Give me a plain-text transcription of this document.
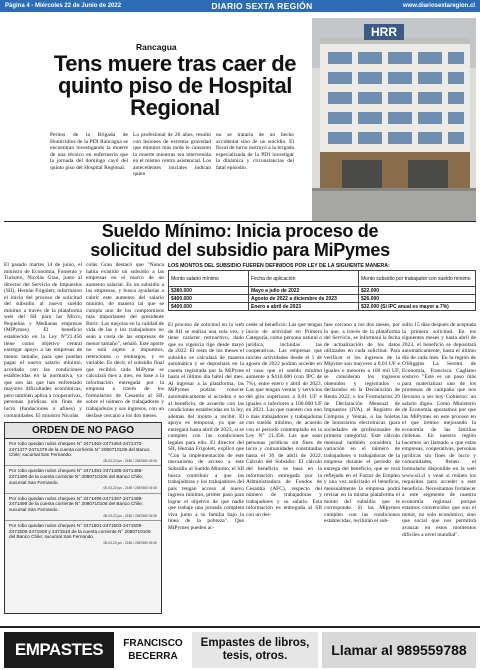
Página 4 - Miércoles 22 de Junio de 2022	DIARIO SEXTA REGIÓN	www.diariosextaregion.cl
Rancagua
Tens muere tras caer de quinto piso de Hospital Regional
Peritos de la Brigada de Homicidios de la PDI Rancagua se encuentran investigando la muerte de una técnico en enfermería que la jornada del domingo cayó del quinto piso del Hospital Regional.
La profesional de 26 años, resultó con lesiones de extrema gravedad que minutos más tarde le causaron la muerte mientras era intervenida en el mismo centro asistencial. Los antecedentes iniciales indican quien
no se trataría de un hecho accidental sino de un suicidio. El fiscal de turno instruyó a la brigada especializada de la PDI investigar la dinámica y circunstancias del fatal episodio.
HRR
Sueldo Mínimo: Inicia proceso de solicitud del subsidio para MiPymes
El pasado martes 14 de junio, el ministro de Economía, Fomento y Turismo, Nicolás Grau, junto al director del Servicio de Impuestos (SII), Hernán Frigolett, informaron el inicio del proceso de solicitud del subsidio al nuevo sueldo mínimo a través de la plataforma web del SII para las Micro, Pequeñas y Medianas empresas (MiPymes). El beneficio establecido en la Ley N°21.456 tiene como objetivo central entregar apoyo a las empresas de menor tamaño, para que puedan pagar el nuevo salario mínimo, acordado con las condiciones establecidas en la normativa, ya que son las que han enfrentado mayores dificultades económicas, pero también aplica a cooperativas, personas jurídicas sin fines de lucro (fundaciones o afines) y comunidades. El ministro Nicolás
colás Grau destacó que "Nunca había existido un subsidio a las empresas en el marco de un aumento salarial. Es un subsidio a las empresas, y busca ayudarlas a cubrir este aumento del salario mínimo, de manera tal que se cumpla uno de los compromisos más importantes del presidente Boric: Las mejoras en la calidad de vida de las y los trabajadores no sean a costa de las empresas de menor tamaño", señaló. Este aporte no está sujeto a impuestos, retenciones o embargos, y es variable. Es decir, el subsidio final que recibirá cada MiPyme se calculará mes a mes, en base a la información entregada por la empresa a través de los formularios de Cesantía al SII, sobre el número de trabajadores y trabajadoras y sus ingresos, con un desfase cercano a los dos meses.
El proceso de solicitud en la web de SII se realiza una sola vez, y tiene carácter retroactivo, dado que su vigencia rige desde mayo de 2022. El resto de los meses el subsidio se calculará de manera automática y se depositará en la cuenta registrada por la MiPyme hasta el último día hábil del mes. Al ingresar a la plataforma, las MiPymes podrán conocer automáticamente si acceden o no al beneficio, de acuerdo con las condiciones establecidas en la ley, además del monto a recibir. El apoyo es temporal, ya que se entregará hasta abril de 2023, si se cumplen con las condiciones legales para ello. El director del SII, Hernán Frigolett, explicó que "Con la implementación de este mecanismo de acceso a este Subsidio al Sueldo Mínimo, el SII busca contribuir a que las trabajadoras y los trabajadores del país tengan acceso al nuevo ingreso mínimo, primer paso para lograr el objetivo de que nadie que trabaje una jornada completa viva junto a su familia bajo la línea de la pobreza". Qué MiPymes pueden ac-
ceder al beneficio: Las que tengan inicio de actividad en Primera Categoría, como persona natural o jurídica, incluidas las cooperativas. Las empresas que inicien actividades desde el 1 de agosto de 2022 podrán acceder en el caso que el sueldo mínimo aumente a $410.000 (con IPC de 7%), entre enero y abril de 2023. Las que tengan ventas y servicios del giro superiores a 0,01 UF e iguales o inferiores a 100.000 UF en 2021. Las que cuenten con uno o más trabajadores y trabajadoras con sueldo mínimo, de acuerdo con el periodo contemplado en la Ley N° 21.456. Las que sean personas jurídicas sin fines de lucro y comunidades constituidas hasta el 30 de abril de 2022. Cálculo del Subsidio: El cálculo del beneficio se basa en la información entregada por la Administradora de Fondos de Cesantía (AFC), respecto del número de trabajadoras y trabajadores y su salario. Esta información es entregada al SII con un des-
fase cercano a los dos meses, por lo que, a través de la plataforma del Servicio, se informará la fecha de actualización de los datos utilizados en cada solicitud. Para verificar si los ingresos de la Mipyme son mayores a 0,01 UF e iguales o menores a 100 mil UF, se consideran los ingresos obtenidos y registrados o declarados en la Declaración de Renta 2022, o los Formularios 29 de Declaración Mensual de Impuestos (IVA), el Registro de Compras y Ventas, o las boletas de honorarios electrónicas (para sociedades de profesionales de primera categoría). Este cálculo mensual también considera la variación en el número de trabajadores o trabajadoras de la empresa durante el periodo de entrega del beneficio, que se verá reflejado en el Factor de Empleo y una vez solicitado el beneficio, mensualmente la empresa podrá revisar en la misma plataforma el monto del subsidio que le corresponde. Si las Mipymes cumplen con las condiciones establecidas, recibirán el sub-
sidio 15 días después de aceptada la primera solicitud. En los siguientes meses y hasta abril de 2023, el beneficio se depositará automáticamente, hasta el último día de cada mes. En la región de O'Higgins La Seremi de Economía, Francisca Cagliano sostuvo "Este es un paso más para materializar uno de los promesas de campaña que nos llevaron a ser hoy Gobierno: un salario digno. Como Ministerio de Economía apostamos por que las MiPymes en este proceso en el que iremos mejorando la economía de las familias chilenas. En nuestra región hacemos un llamado a que estas empresas, cooperativas, personas jurídicas sin fines de lucro y comunidades, llenen el formulario disponible en la web www.sii.cl y vean si reúnen los requisitos para acceder a este beneficio. Necesitamos fortalecer a este segmento de nuestra economía regional porque estamos convencidos que son el motor, no solo económico, sino que social que nos permitirá avanzar en estos momentos difíciles a nivel mundial".
LOS MONTOS DEL SUBSIDIO FUEREN DEFINIDOS POR LEY DE LA SIGUIENTE MANERA:
Monto salario mínimo	Fecha de aplicación	Monto subsidio por trabajador con sueldo mínimo
$380.000	Mayo a julio de 2022	$22.000
$400.000	Agosto de 2022 a diciembre de 2023	$26.000
$400.000	Enero a abril de 2023	$32.000 (Si IPC anual es mayor a 7%)
ORDEN DE NO PAGO
Por robo quedan nulos cheques N° 2471462-2471464-2471472-2471477-2471479 de la cuenta corriente N° 2080710106 del Banco Chile; sucursal San Fernando.
08-03-22 jun - 2180 / 2087660 06 06
Por robo quedan nulos cheques N° 2471481-2471485-2471488-2471490 de la cuenta corriente N° 2080710106 del Banco Chile; sucursal San Fernando.
08-03-22 jun - 2180 / 2087660 06 06
Por robo quedan nulos cheques N° 2471496-2471497-2471498-2471499 de la cuenta corriente N° 2080710106 del Banco Chile; sucursal San Fernando.
08-03-22 jun - 2180 / 2087660 06 06
Por robo quedan nulos cheques N° 2471501-2471503-2471505-2471508-2471509 y 2471510 de la cuenta corriente N° 2080710106 del Banco Chile; sucursal San Fernando.
08-03-22 jun - 2180 / 2087660 06 06
EMPASTES	FRANCISCO BECERRA
Empastes de libros, tesis, otros.	Llamar al 989559788
